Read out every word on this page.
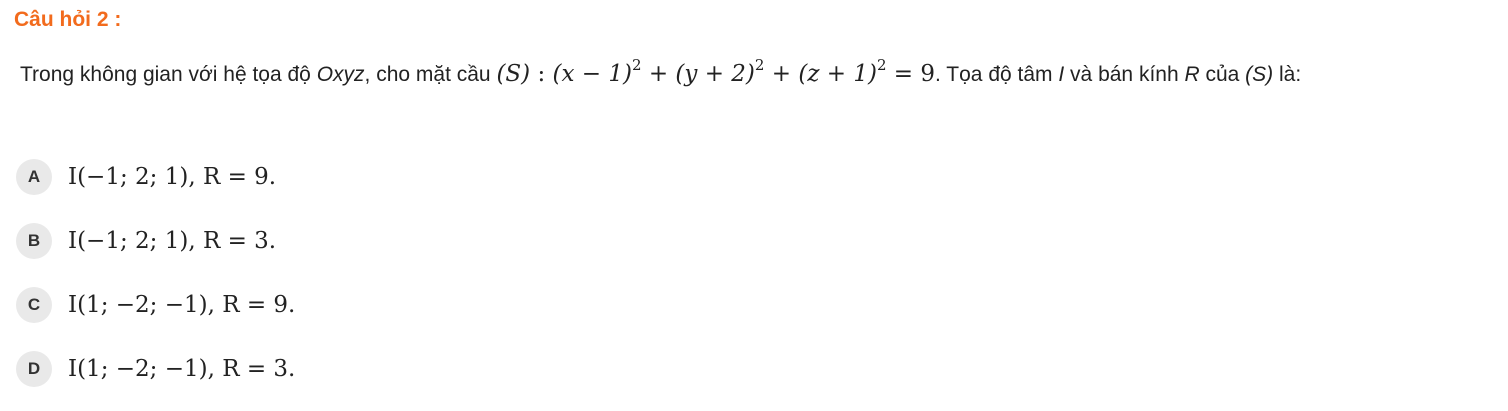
Câu hỏi 2 :
Trong không gian với hệ tọa độ Oxyz, cho mặt cầu (S) : $(x - 1)^2 + (y + 2)^2 + (z + 1)^2 = 9$. Tọa độ tâm I và bán kính R của (S) là:
A	I(−1; 2; 1), R = 9.
B	I(−1; 2; 1), R = 3.
C	I(1; −2; −1), R = 9.
D	I(1; −2; −1), R = 3.
